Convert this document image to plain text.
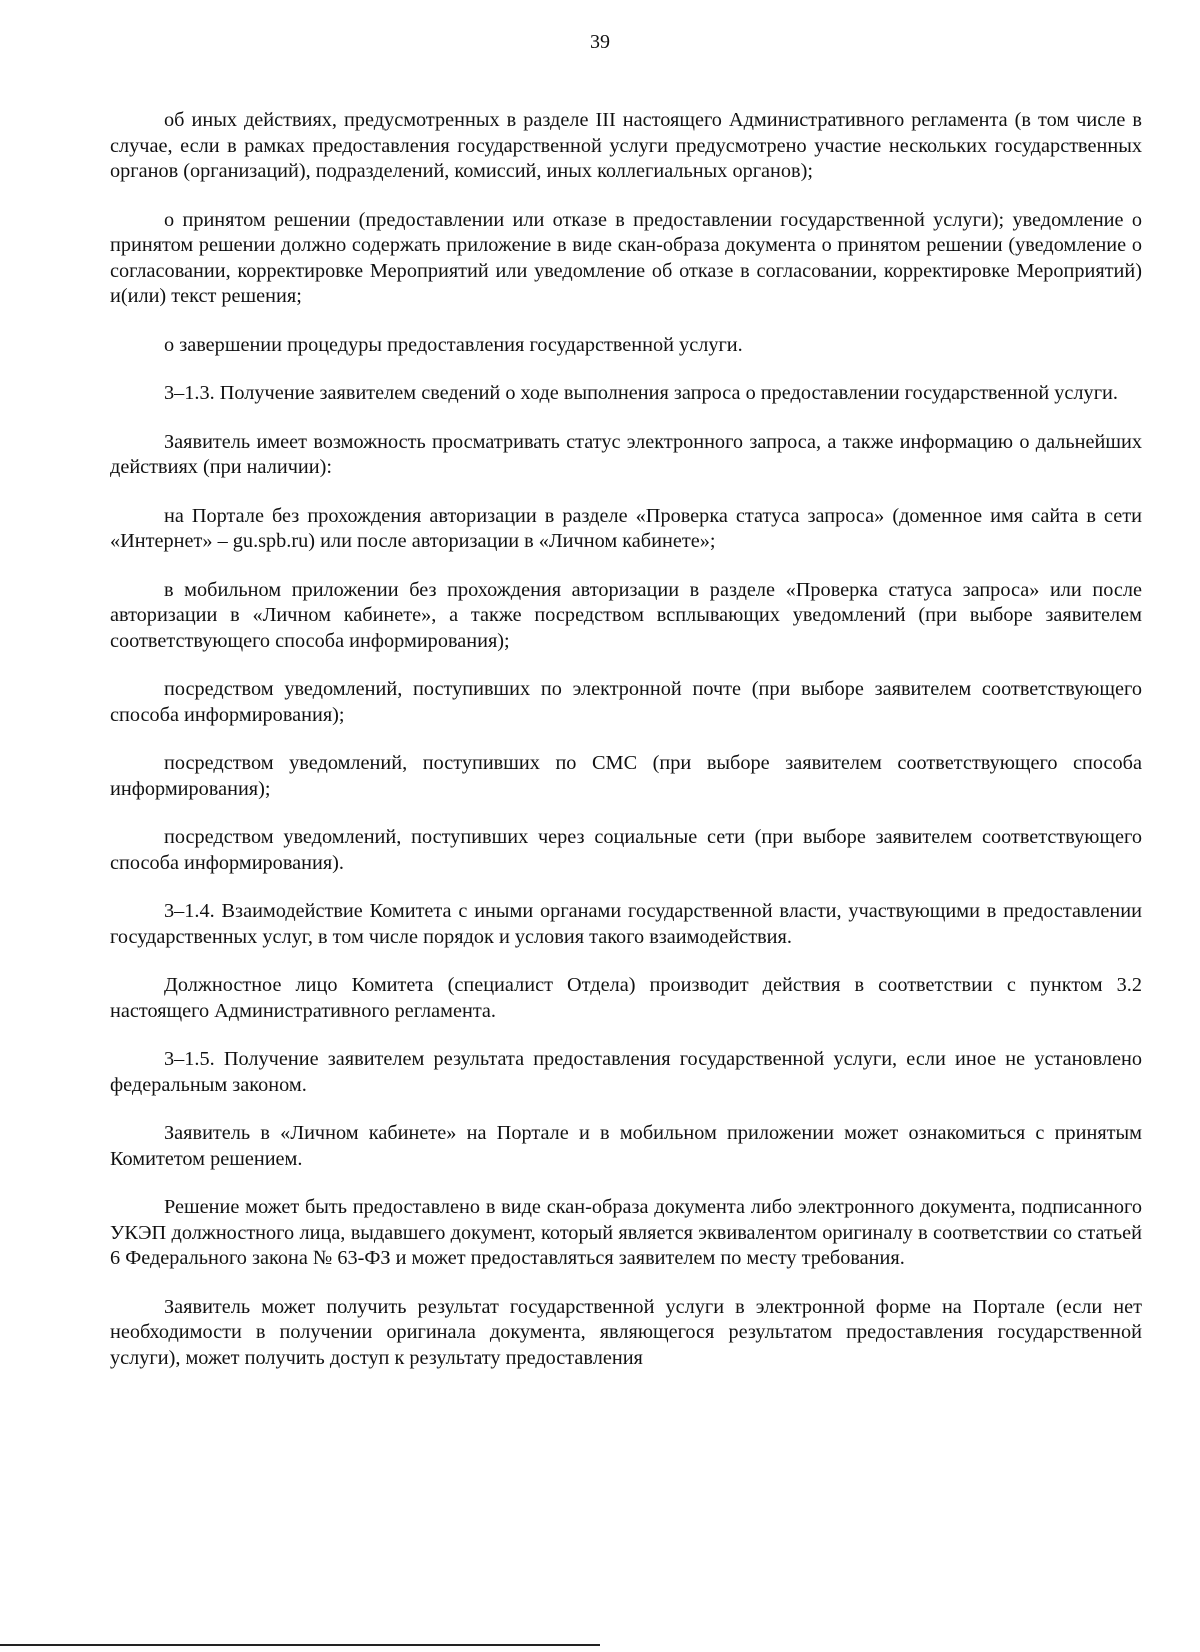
39

об иных действиях, предусмотренных в разделе III настоящего Административного регламента (в том числе в случае, если в рамках предоставления государственной услуги предусмотрено участие нескольких государственных органов (организаций), подразделений, комиссий, иных коллегиальных органов);

о принятом решении (предоставлении или отказе в предоставлении государственной услуги); уведомление о принятом решении должно содержать приложение в виде скан-образа документа о принятом решении (уведомление о согласовании, корректировке Мероприятий или уведомление об отказе в согласовании, корректировке Мероприятий) и(или) текст решения;

о завершении процедуры предоставления государственной услуги.

3–1.3. Получение заявителем сведений о ходе выполнения запроса о предоставлении государственной услуги.

Заявитель имеет возможность просматривать статус электронного запроса, а также информацию о дальнейших действиях (при наличии):

на Портале без прохождения авторизации в разделе «Проверка статуса запроса» (доменное имя сайта в сети «Интернет» – gu.spb.ru) или после авторизации в «Личном кабинете»;

в мобильном приложении без прохождения авторизации в разделе «Проверка статуса запроса» или после авторизации в «Личном кабинете», а также посредством всплывающих уведомлений (при выборе заявителем соответствующего способа информирования);

посредством уведомлений, поступивших по электронной почте (при выборе заявителем соответствующего способа информирования);

посредством уведомлений, поступивших по СМС (при выборе заявителем соответствующего способа информирования);

посредством уведомлений, поступивших через социальные сети (при выборе заявителем соответствующего способа информирования).

3–1.4. Взаимодействие Комитета с иными органами государственной власти, участвующими в предоставлении государственных услуг, в том числе порядок и условия такого взаимодействия.

Должностное лицо Комитета (специалист Отдела) производит действия в соответствии с пунктом 3.2 настоящего Административного регламента.

3–1.5. Получение заявителем результата предоставления государственной услуги, если иное не установлено федеральным законом.

Заявитель в «Личном кабинете» на Портале и в мобильном приложении может ознакомиться с принятым Комитетом решением.

Решение может быть предоставлено в виде скан-образа документа либо электронного документа, подписанного УКЭП должностного лица, выдавшего документ, который является эквивалентом оригиналу в соответствии со статьей 6 Федерального закона № 63-ФЗ и может предоставляться заявителем по месту требования.

Заявитель может получить результат государственной услуги в электронной форме на Портале (если нет необходимости в получении оригинала документа, являющегося результатом предоставления государственной услуги), может получить доступ к результату предоставления
